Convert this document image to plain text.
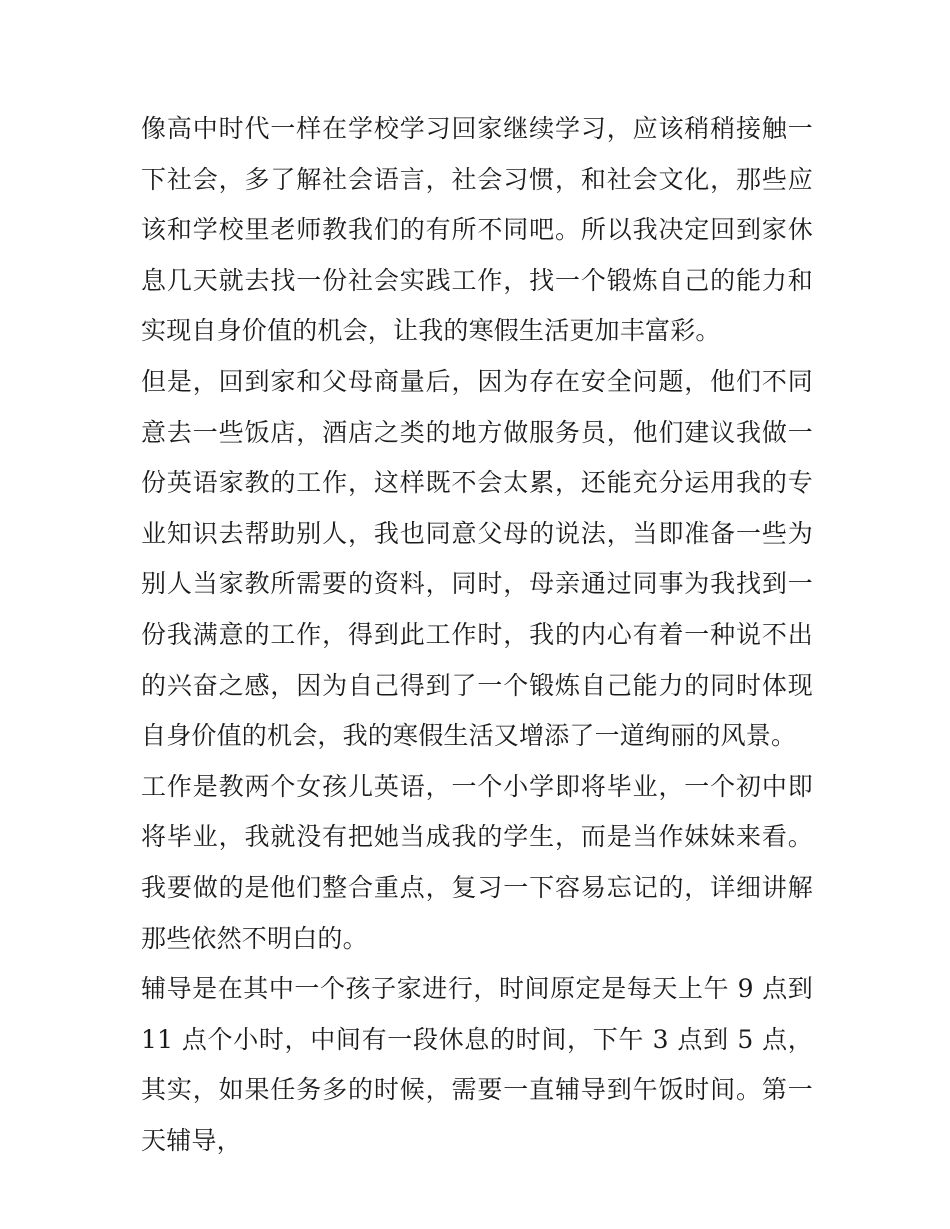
像高中时代一样在学校学习回家继续学习，应该稍稍接触一下社会，多了解社会语言，社会习惯，和社会文化，那些应该和学校里老师教我们的有所不同吧。所以我决定回到家休息几天就去找一份社会实践工作，找一个锻炼自己的能力和实现自身价值的机会，让我的寒假生活更加丰富彩。

但是，回到家和父母商量后，因为存在安全问题，他们不同意去一些饭店，酒店之类的地方做服务员，他们建议我做一份英语家教的工作，这样既不会太累，还能充分运用我的专业知识去帮助别人，我也同意父母的说法，当即准备一些为别人当家教所需要的资料，同时，母亲通过同事为我找到一份我满意的工作，得到此工作时，我的内心有着一种说不出的兴奋之感，因为自己得到了一个锻炼自己能力的同时体现自身价值的机会，我的寒假生活又增添了一道绚丽的风景。

工作是教两个女孩儿英语，一个小学即将毕业，一个初中即将毕业，我就没有把她当成我的学生，而是当作妹妹来看。我要做的是他们整合重点，复习一下容易忘记的，详细讲解那些依然不明白的。

辅导是在其中一个孩子家进行，时间原定是每天上午 9 点到 11 点个小时，中间有一段休息的时间，下午 3 点到 5 点，其实，如果任务多的时候，需要一直辅导到午饭时间。第一天辅导，
